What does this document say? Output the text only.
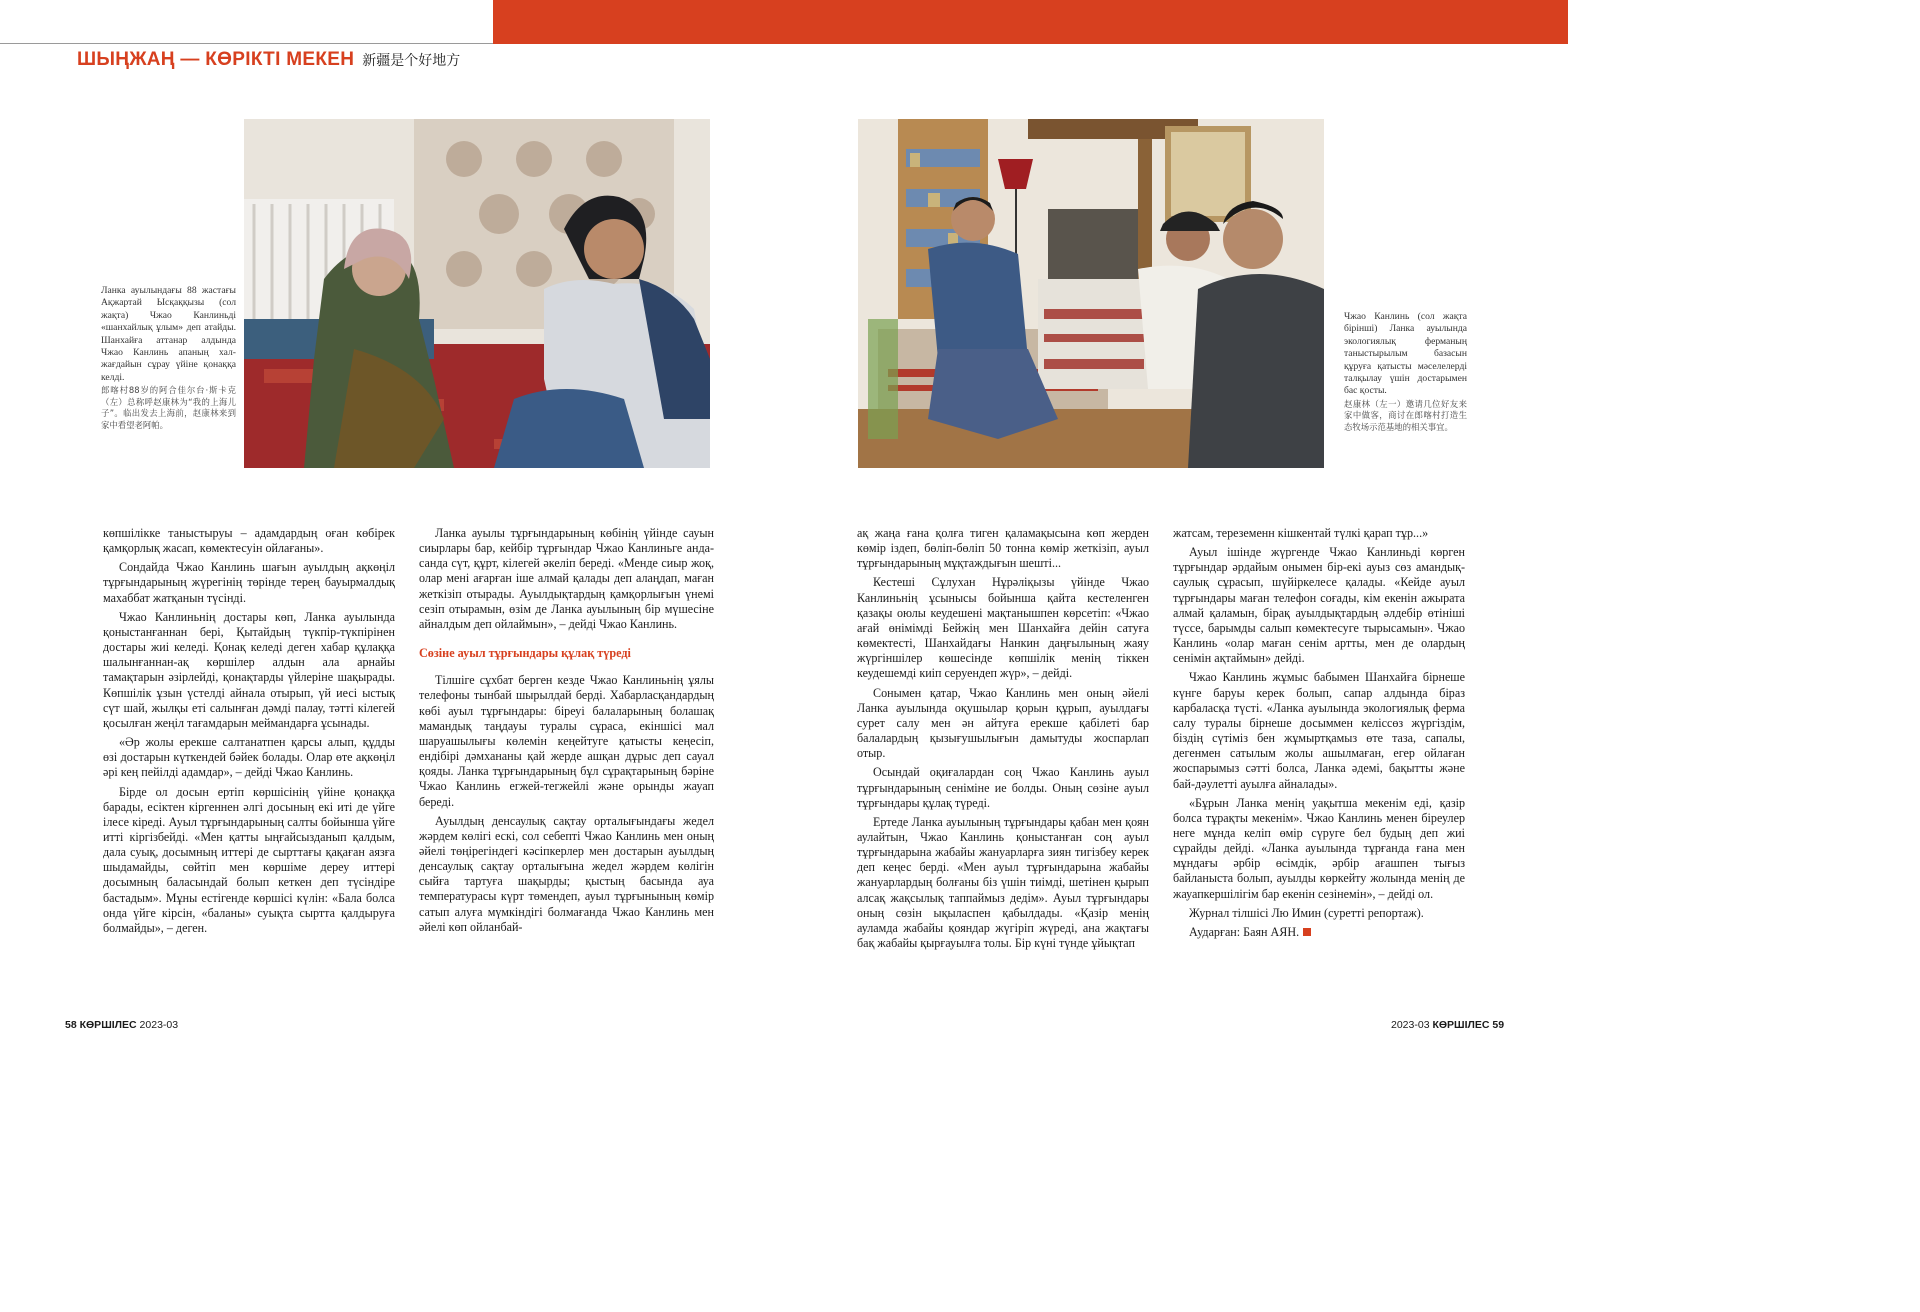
ШЫҢЖАҢ — КӨРІКТІ МЕКЕН 新疆是个好地方

Ланка ауылындағы 88 жастағы Ақжартай Ысқаққызы (сол жақта) Чжао Канлиньді «шанхайлық ұлым» деп атайды. Шанхайға аттанар алдында Чжао Канлинь апаның хал-жағдайын сұрау үйіне қонаққа келді.

郎喀村88岁的阿合佳尔台·斯卡克（左）总称呼赵康林为“我的上海儿子”。临出发去上海前，赵康林来到家中看望老阿帕。

Чжао Канлинь (сол жақта бірінші) Ланка ауылында экологиялық ферманың таныстырылым базасын құруға қатысты мәселелерді талқылау үшін достарымен бас қосты.

赵康林（左一）邀请几位好友来家中做客，商讨在郎喀村打造生态牧场示范基地的相关事宜。

көпшілікке таныстыруы – адамдардың оған көбірек қамқорлық жасап, көмектесуін ойлағаны».

Сондайда Чжао Канлинь шағын ауылдың ақкөңіл тұрғындарының жүрегінің төрінде терең бауырмалдық махаббат жатқанын түсінді.

Чжао Канлиньнің достары көп, Ланка ауылында қоныстанғаннан бері, Қытайдың түкпір-түкпірінен достары жиі келеді. Қонақ келеді деген хабар құлаққа шалынғаннан-ақ көршілер алдын ала арнайы тамақтарын әзірлейді, қонақтарды үйлеріне шақырады. Көпшілік ұзын үстелді айнала отырып, үй иесі ыстық сүт шай, жылқы еті салынған дәмді палау, тәтті кілегей қосылған жеңіл тағамдарын меймандарға ұсынады.

«Әр жолы ерекше салтанатпен қарсы алып, құдды өзі достарын күткендей бәйек болады. Олар өте ақкөңіл әрі кең пейілді адамдар», – дейді Чжао Канлинь.

Бірде ол досын ертіп көршісінің үйіне қонаққа барады, есіктен кіргеннен әлгі досының екі иті де үйге ілесе кіреді. Ауыл тұрғындарының салты бойынша үйге итті кіргізбейді. «Мен қатты ыңғайсызданып қалдым, дала суық, досымның иттері де сырттағы қақаған аязға шыдамайды, сөйтіп мен көршіме дереу иттері досымның баласындай болып кеткен деп түсіндіре бастадым». Мұны естігенде көршісі күлін: «Бала болса онда үйге кірсін, «баланы» суықта сыртта қалдыруға болмайды», – деген.

Ланка ауылы тұрғындарының көбінің үйінде сауын сиырлары бар, кейбір тұрғындар Чжао Канлиньге анда-санда сүт, құрт, кілегей әкеліп береді. «Менде сиыр жоқ, олар мені ағарған іше алмай қалады деп алаңдап, маған жеткізіп отырады. Ауылдықтардың қамқорлығын үнемі сезіп отырамын, өзім де Ланка ауылының бір мүшесіне айналдым деп ойлаймын», – дейді Чжао Канлинь.

Сөзіне ауыл тұрғындары құлақ түреді

Тілшіге сұхбат берген кезде Чжао Канлиньнің ұялы телефоны тынбай шырылдай берді. Хабарласқандардың көбі ауыл тұрғындары: біреуі балаларының болашақ мамандық таңдауы туралы сұраса, екіншісі мал шаруашылығы көлемін кеңейтуге қатысты кеңесіп, ендібірі дәмхананы қай жерде ашқан дұрыс деп сауал қояды. Ланка тұрғындарының бұл сұрақтарының бәріне Чжао Канлинь егжей-тегжейлі және орынды жауап береді.

Ауылдың денсаулық сақтау орталығындағы жедел жәрдем көлігі ескі, сол себепті Чжао Канлинь мен оның әйелі төңірегіндегі кәсіпкерлер мен достарын ауылдың денсаулық сақтау орталығына жедел жәрдем көлігін сыйға тартуға шақырды; қыстың басында ауа температурасы күрт төмендеп, ауыл тұрғынының көмір сатып алуға мүмкіндігі болмағанда Чжао Канлинь мен әйелі көп ойланбай-

ақ жаңа ғана қолға тиген қаламақысына көп жерден көмір іздеп, бөліп-бөліп 50 тонна көмір жеткізіп, ауыл тұрғындарының мұқтаждығын шешті...

Кестеші Сұлухан Нұрәліқызы үйінде Чжао Канлиньнің ұсынысы бойынша қайта кестеленген қазақы оюлы кеудешені мақтанышпен көрсетіп: «Чжао ағай өнімімді Бейжің мен Шанхайға дейін сатуға көмектесті, Шанхайдағы Нанкин даңғылының жаяу жүргіншілер көшесінде көпшілік менің тіккен кеудешемді киіп серуендеп жүр», – дейді.

Сонымен қатар, Чжао Канлинь мен оның әйелі Ланка ауылында оқушылар қорын құрып, ауылдағы сурет салу мен ән айтуға ерекше қабілеті бар балалардың қызығушылығын дамытуды жоспарлап отыр.

Осындай оқиғалардан соң Чжао Канлинь ауыл тұрғындарының сеніміне ие болды. Оның сөзіне ауыл тұрғындары құлақ түреді.

Ертеде Ланка ауылының тұрғындары қабан мен қоян аулайтын, Чжао Канлинь қоныстанған соң ауыл тұрғындарына жабайы жануарларға зиян тигізбеу керек деп кеңес берді. «Мен ауыл тұрғындарына жабайы жануарлардың болғаны біз үшін тиімді, шетінен қырып алсақ жақсылық таппаймыз дедім». Ауыл тұрғындары оның сөзін ықыласпен қабылдады. «Қазір менің ауламда жабайы қояндар жүгіріп жүреді, ана жақтағы бақ жабайы қырғауылға толы. Бір күні түнде ұйықтап

жатсам, тереземенн кішкентай түлкі қарап тұр...»

Ауыл ішінде жүргенде Чжао Канлиньді көрген тұрғындар әрдайым онымен бір-екі ауыз сөз амандық-саулық сұрасып, шүйіркелесе қалады. «Кейде ауыл тұрғындары маған телефон соғады, кім екенін ажырата алмай қаламын, бірақ ауылдықтардың әлдебір өтініші түссе, барымды салып көмектесуге тырысамын». Чжао Канлинь «олар маған сенім артты, мен де олардың сенімін ақтаймын» дейді.

Чжао Канлинь жұмыс бабымен Шанхайға бірнеше күнге баруы керек болып, сапар алдында біраз карбаласқа түсті. «Ланка ауылында экологиялық ферма салу туралы бірнеше досыммен келіссөз жүргіздім, біздің сүтіміз бен жұмыртқамыз өте таза, сапалы, дегенмен сатылым жолы ашылмаған, егер ойлаған жоспарымыз сәтті болса, Ланка әдемі, бақытты және бай-дәулетті ауылға айналады».

«Бұрын Ланка менің уақытша мекенім еді, қазір болса тұрақты мекенім». Чжао Канлинь менен біреулер неге мұнда келіп өмір сүруге бел будың деп жиі сұрайды дейді. «Ланка ауылында тұрғанда ғана мен мұндағы әрбір өсімдік, әрбір ағашпен тығыз байланыста болып, ауылды көркейту жолында менің де жауапкершілігім бар екенін сезінемін», – дейді ол.

Журнал тілшісі Лю Имин (суретті репортаж).

Аударған: Баян АЯН.

58 КӨРШІЛЕС 2023-03	2023-03 КӨРШІЛЕС 59
